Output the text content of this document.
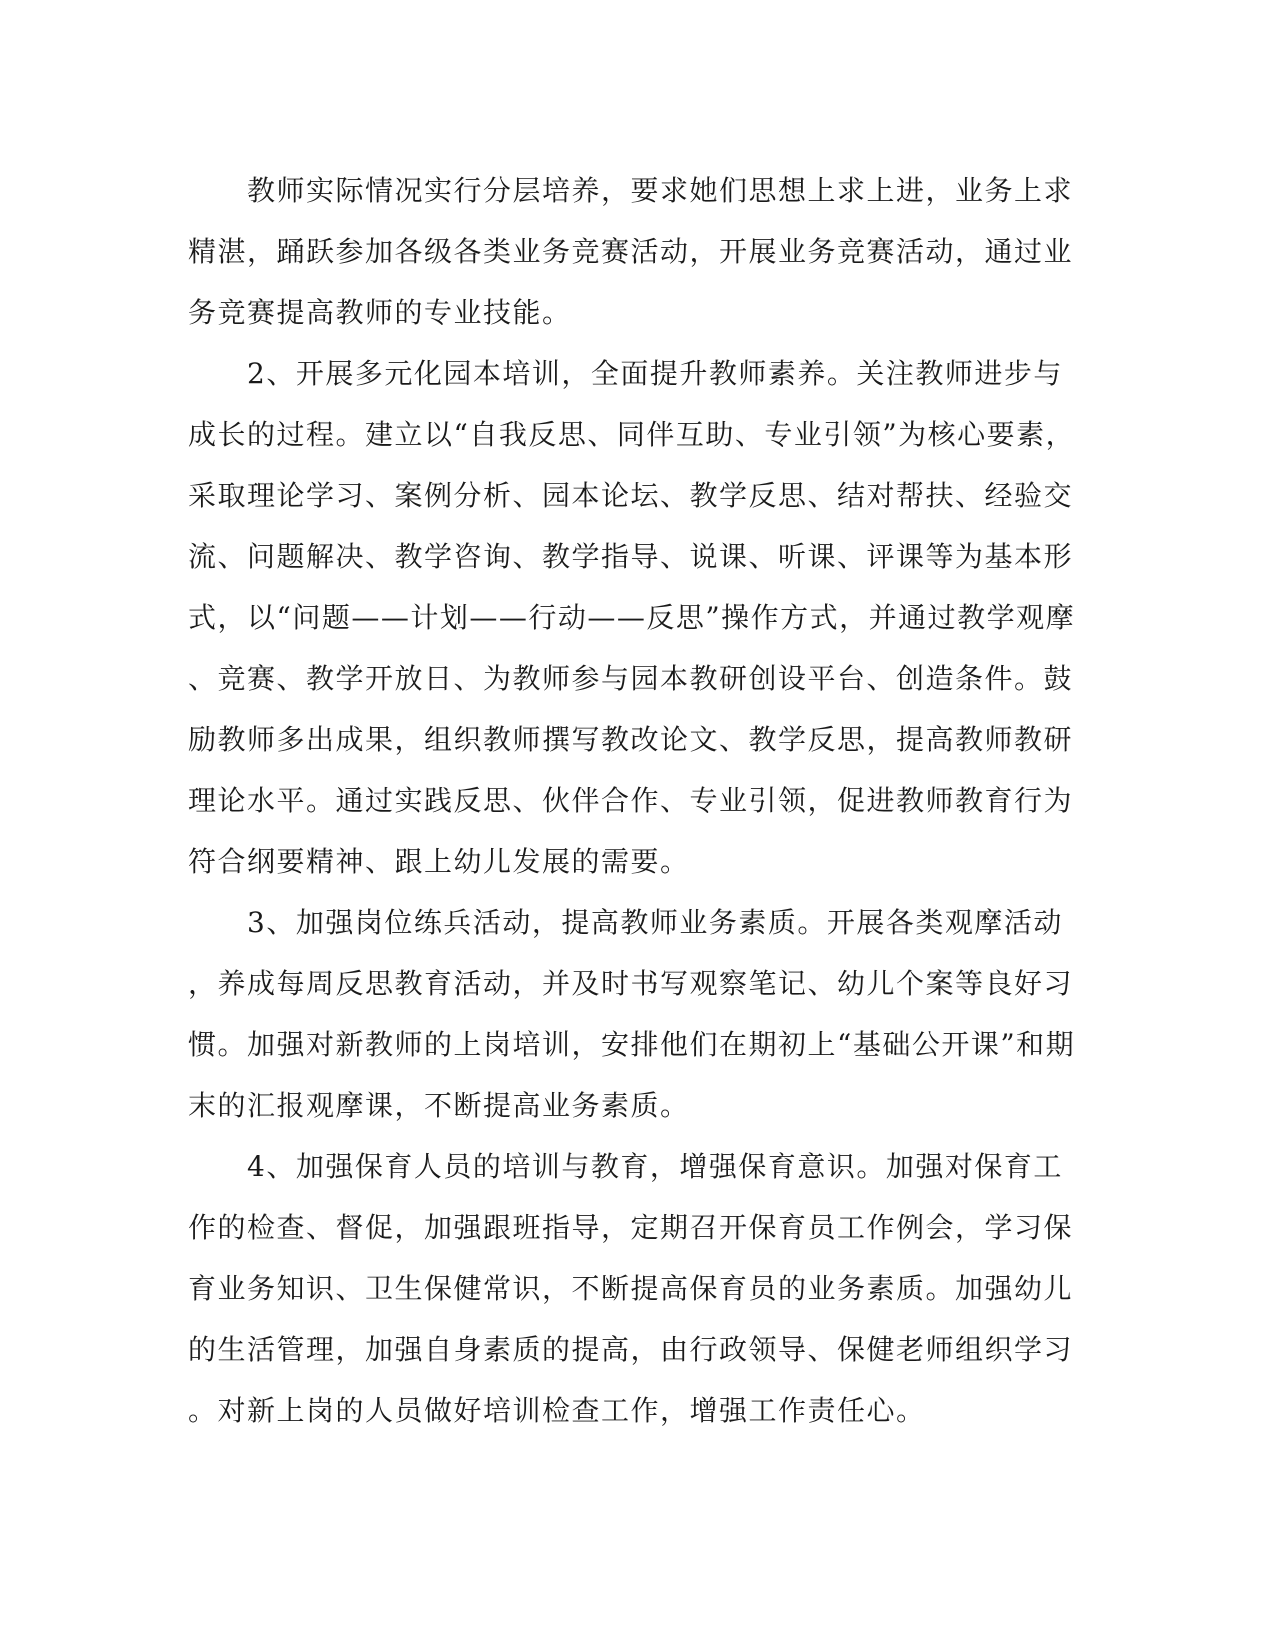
　　教师实际情况实行分层培养，要求她们思想上求上进，业务上求
精湛，踊跃参加各级各类业务竞赛活动，开展业务竞赛活动，通过业
务竞赛提高教师的专业技能。
　　2、开展多元化园本培训，全面提升教师素养。关注教师进步与
成长的过程。建立以“自我反思、同伴互助、专业引领”为核心要素，
采取理论学习、案例分析、园本论坛、教学反思、结对帮扶、经验交
流、问题解决、教学咨询、教学指导、说课、听课、评课等为基本形
式，以“问题——计划——行动——反思”操作方式，并通过教学观摩
、竞赛、教学开放日、为教师参与园本教研创设平台、创造条件。鼓
励教师多出成果，组织教师撰写教改论文、教学反思，提高教师教研
理论水平。通过实践反思、伙伴合作、专业引领，促进教师教育行为
符合纲要精神、跟上幼儿发展的需要。
　　3、加强岗位练兵活动，提高教师业务素质。开展各类观摩活动
，养成每周反思教育活动，并及时书写观察笔记、幼儿个案等良好习
惯。加强对新教师的上岗培训，安排他们在期初上“基础公开课”和期
末的汇报观摩课，不断提高业务素质。
　　4、加强保育人员的培训与教育，增强保育意识。加强对保育工
作的检查、督促，加强跟班指导，定期召开保育员工作例会，学习保
育业务知识、卫生保健常识，不断提高保育员的业务素质。加强幼儿
的生活管理，加强自身素质的提高，由行政领导、保健老师组织学习
。对新上岗的人员做好培训检查工作，增强工作责任心。
